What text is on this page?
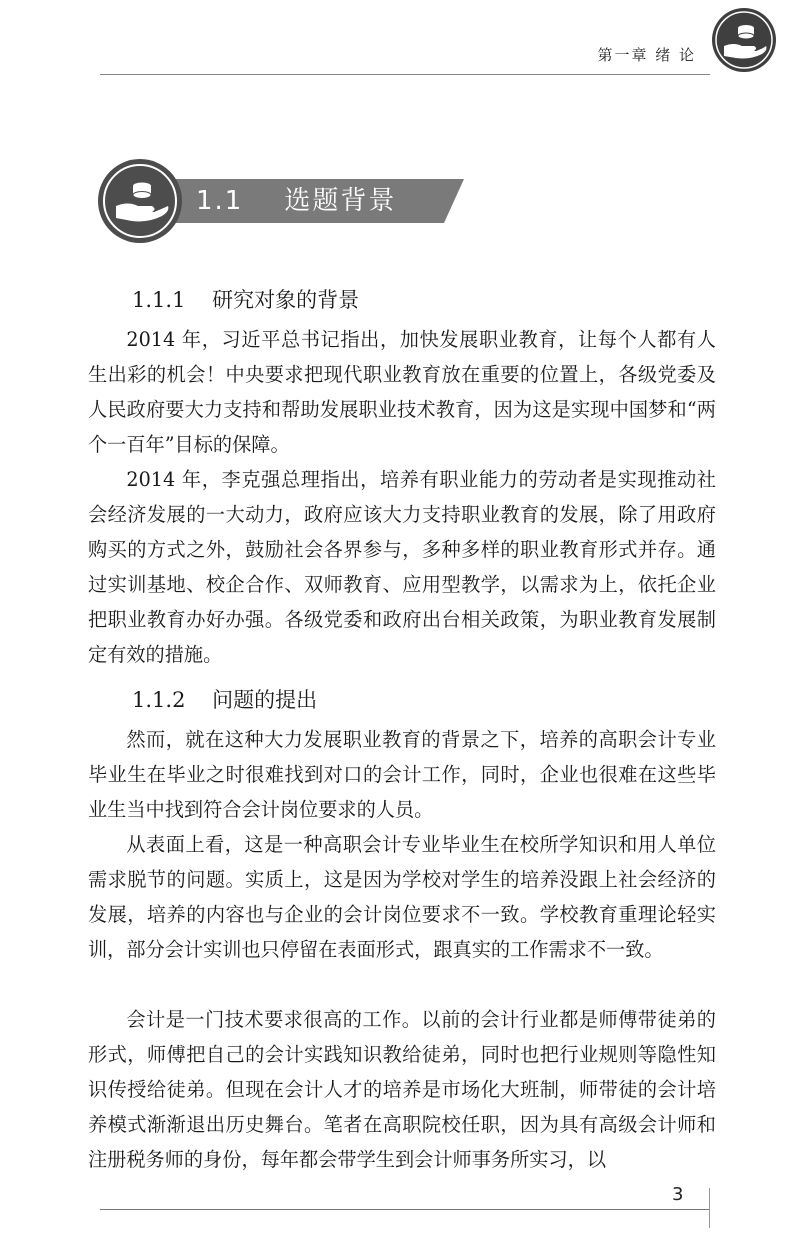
第一章 绪 论
1.1    选题背景
1.1.1    研究对象的背景

2014 年，习近平总书记指出，加快发展职业教育，让每个人都有人生出彩的机会！中央要求把现代职业教育放在重要的位置上，各级党委及人民政府要大力支持和帮助发展职业技术教育，因为这是实现中国梦和“两个一百年”目标的保障。

2014 年，李克强总理指出，培养有职业能力的劳动者是实现推动社会经济发展的一大动力，政府应该大力支持职业教育的发展，除了用政府购买的方式之外，鼓励社会各界参与，多种多样的职业教育形式并存。通过实训基地、校企合作、双师教育、应用型教学，以需求为上，依托企业把职业教育办好办强。各级党委和政府出台相关政策，为职业教育发展制定有效的措施。

1.1.2    问题的提出

然而，就在这种大力发展职业教育的背景之下，培养的高职会计专业毕业生在毕业之时很难找到对口的会计工作，同时，企业也很难在这些毕业生当中找到符合会计岗位要求的人员。

从表面上看，这是一种高职会计专业毕业生在校所学知识和用人单位需求脱节的问题。实质上，这是因为学校对学生的培养没跟上社会经济的发展，培养的内容也与企业的会计岗位要求不一致。学校教育重理论轻实训，部分会计实训也只停留在表面形式，跟真实的工作需求不一致。

会计是一门技术要求很高的工作。以前的会计行业都是师傅带徒弟的形式，师傅把自己的会计实践知识教给徒弟，同时也把行业规则等隐性知识传授给徒弟。但现在会计人才的培养是市场化大班制，师带徒的会计培养模式渐渐退出历史舞台。笔者在高职院校任职，因为具有高级会计师和注册税务师的身份，每年都会带学生到会计师事务所实习，以

3
